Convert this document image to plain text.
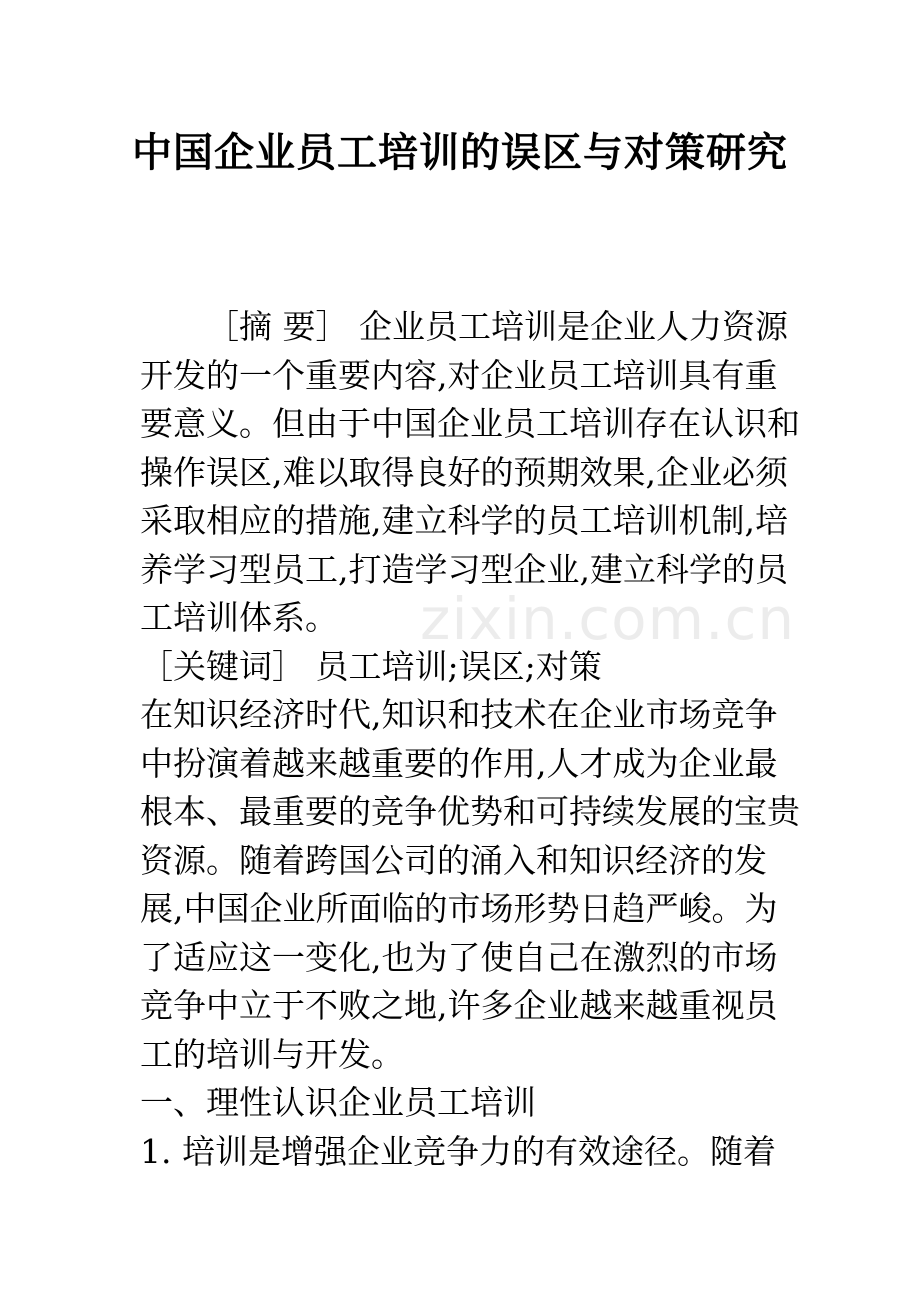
中国企业员工培训的误区与对策研究

［摘 要］ 企业员工培训是企业人力资源开发的一个重要内容,对企业员工培训具有重要意义。但由于中国企业员工培训存在认识和操作误区,难以取得良好的预期效果,企业必须采取相应的措施,建立科学的员工培训机制,培养学习型员工,打造学习型企业,建立科学的员工培训体系。

［关键词］ 员工培训;误区;对策

在知识经济时代,知识和技术在企业市场竞争中扮演着越来越重要的作用,人才成为企业最根本、最重要的竞争优势和可持续发展的宝贵资源。随着跨国公司的涌入和知识经济的发展,中国企业所面临的市场形势日趋严峻。为了适应这一变化,也为了使自己在激烈的市场竞争中立于不败之地,许多企业越来越重视员工的培训与开发。

一、理性认识企业员工培训

1. 培训是增强企业竞争力的有效途径。随着

zixin.com.cn
